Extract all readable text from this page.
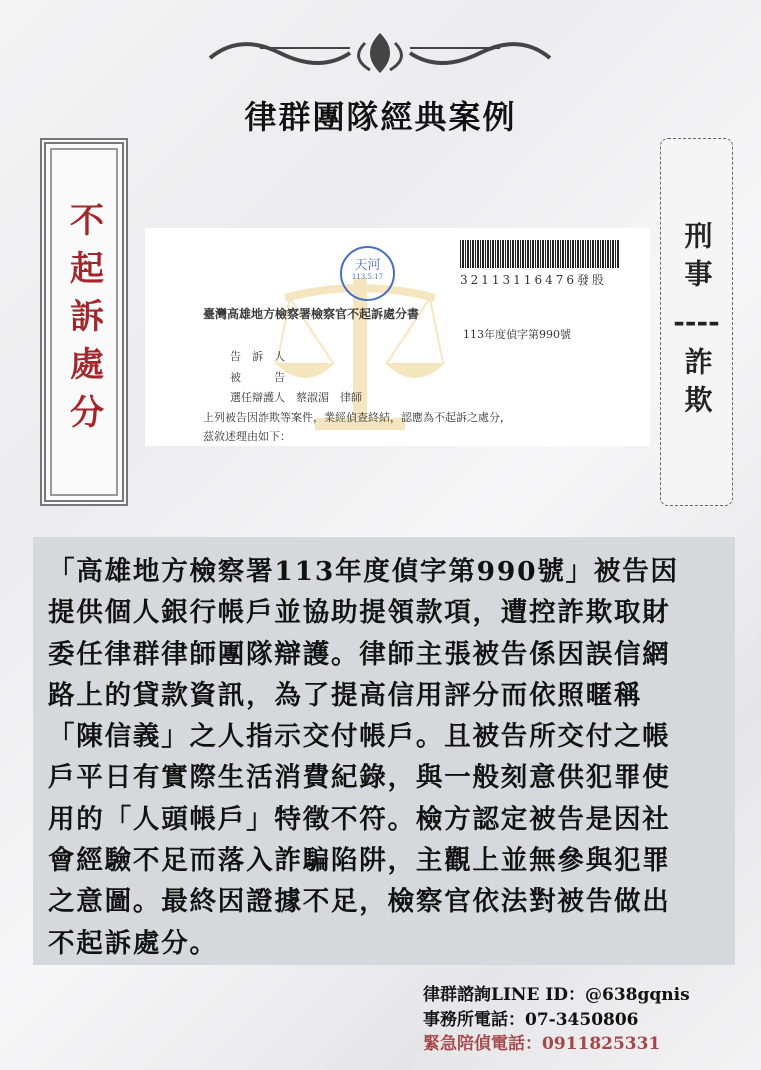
律群團隊經典案例
不起訴處分	刑事
----
詐欺
天河
113.5.17	32113116476發股
臺灣高雄地方檢察署檢察官不起訴處分書
113年度偵字第990號
告　訴　人
被　　　告
選任辯護人　蔡淑湄　律師
上列被告因詐欺等案件，業經偵查終結，認應為不起訴之處分，
茲敘述理由如下：

「高雄地方檢察署113年度偵字第990號」被告因

提供個人銀行帳戶並協助提領款項，遭控詐欺取財

委任律群律師團隊辯護。律師主張被告係因誤信網

路上的貸款資訊，為了提高信用評分而依照暱稱

「陳信義」之人指示交付帳戶。且被告所交付之帳

戶平日有實際生活消費紀錄，與一般刻意供犯罪使

用的「人頭帳戶」特徵不符。檢方認定被告是因社

會經驗不足而落入詐騙陷阱，主觀上並無參與犯罪

之意圖。最終因證據不足，檢察官依法對被告做出

不起訴處分。

律群諮詢LINE ID：@638gqnis
事務所電話：07-3450806
緊急陪偵電話：0911825331
